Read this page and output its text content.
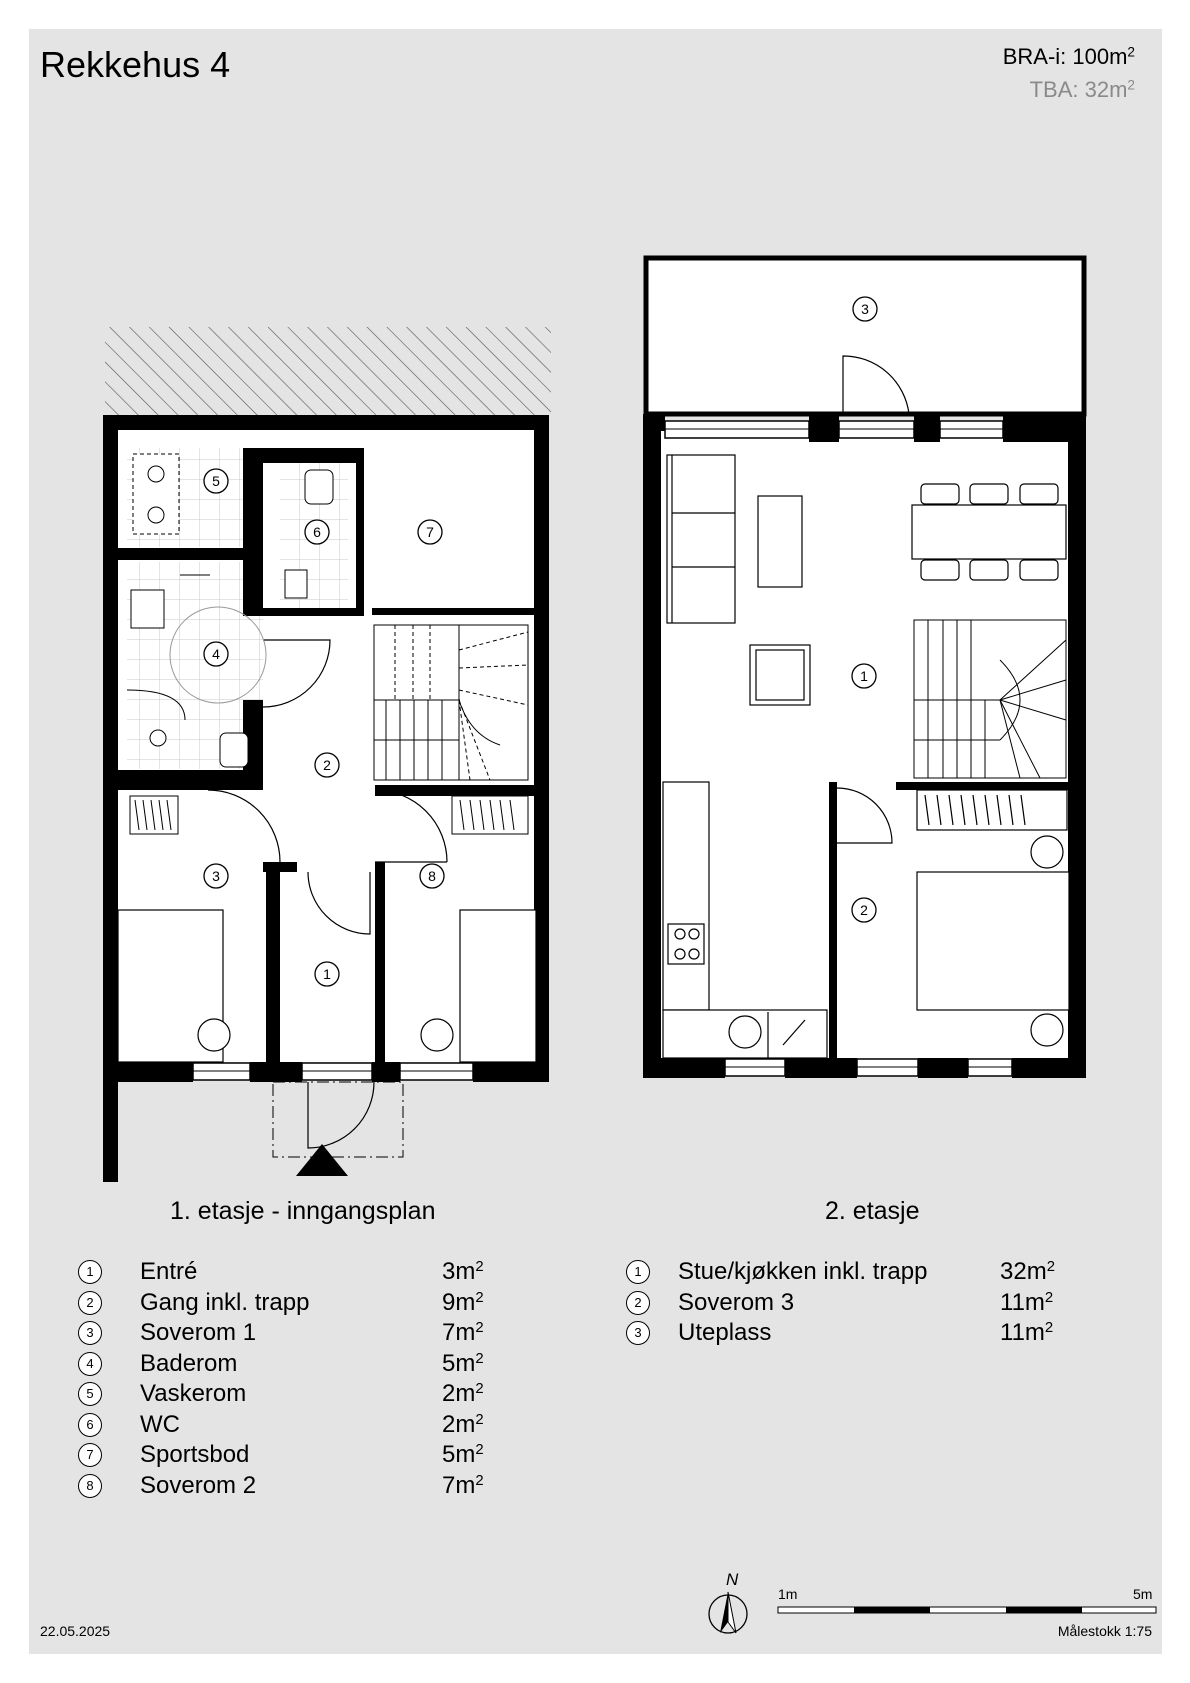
5
6	7
4
2
3	8
1
3
1
2
Rekkehus 4	BRA-i: $100m^2$
TBA: $32m^2$
1. etasje - inngangsplan	2. etasje
1	Entré	$3m^2$
2	Gang inkl. trapp	$9m^2$
3	Soverom 1	$7m^2$
4	Baderom	$5m^2$
5	Vaskerom	$2m^2$
6	WC	$2m^2$
7	Sportsbod	$5m^2$
8	Soverom 2	$7m^2$
1	Stue/kjøkken inkl. trapp	$32m^2$
2	Soverom 3	$11m^2$
3	Uteplass	$11m^2$
N
1m	5m
22.05.2025	Målestokk 1:75
